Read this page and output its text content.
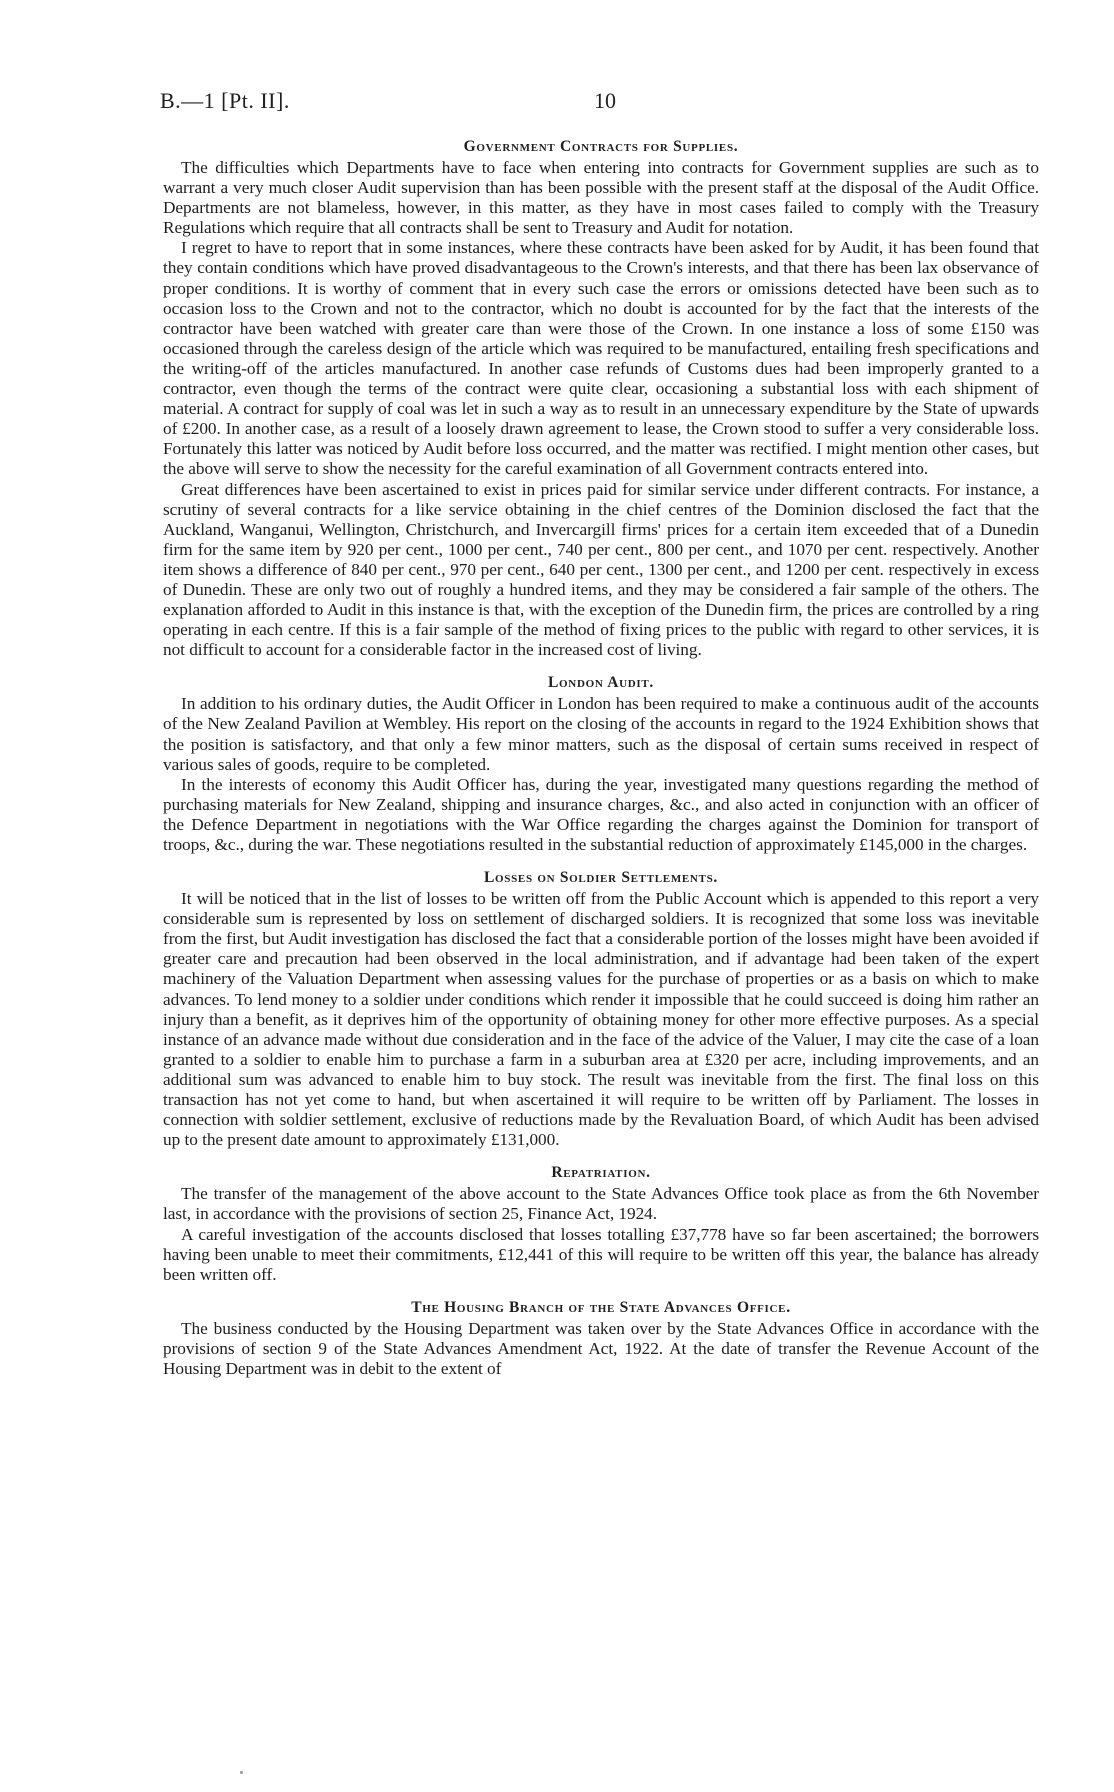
B.—1 [Pt. II].	10
Government Contracts for Supplies.

The difficulties which Departments have to face when entering into contracts for Government supplies are such as to warrant a very much closer Audit supervision than has been possible with the present staff at the disposal of the Audit Office. Departments are not blameless, however, in this matter, as they have in most cases failed to comply with the Treasury Regulations which require that all contracts shall be sent to Treasury and Audit for notation.

I regret to have to report that in some instances, where these contracts have been asked for by Audit, it has been found that they contain conditions which have proved disadvantageous to the Crown's interests, and that there has been lax observance of proper conditions. It is worthy of comment that in every such case the errors or omissions detected have been such as to occasion loss to the Crown and not to the contractor, which no doubt is accounted for by the fact that the interests of the contractor have been watched with greater care than were those of the Crown. In one instance a loss of some £150 was occasioned through the careless design of the article which was required to be manufactured, entailing fresh specifications and the writing-off of the articles manufactured. In another case refunds of Customs dues had been improperly granted to a contractor, even though the terms of the contract were quite clear, occasioning a substantial loss with each shipment of material. A contract for supply of coal was let in such a way as to result in an unnecessary expenditure by the State of upwards of £200. In another case, as a result of a loosely drawn agreement to lease, the Crown stood to suffer a very considerable loss. Fortunately this latter was noticed by Audit before loss occurred, and the matter was rectified. I might mention other cases, but the above will serve to show the necessity for the careful examination of all Government contracts entered into.

Great differences have been ascertained to exist in prices paid for similar service under different contracts. For instance, a scrutiny of several contracts for a like service obtaining in the chief centres of the Dominion disclosed the fact that the Auckland, Wanganui, Wellington, Christchurch, and Invercargill firms' prices for a certain item exceeded that of a Dunedin firm for the same item by 920 per cent., 1000 per cent., 740 per cent., 800 per cent., and 1070 per cent. respectively. Another item shows a difference of 840 per cent., 970 per cent., 640 per cent., 1300 per cent., and 1200 per cent. respectively in excess of Dunedin. These are only two out of roughly a hundred items, and they may be considered a fair sample of the others. The explanation afforded to Audit in this instance is that, with the exception of the Dunedin firm, the prices are controlled by a ring operating in each centre. If this is a fair sample of the method of fixing prices to the public with regard to other services, it is not difficult to account for a considerable factor in the increased cost of living.

London Audit.

In addition to his ordinary duties, the Audit Officer in London has been required to make a continuous audit of the accounts of the New Zealand Pavilion at Wembley. His report on the closing of the accounts in regard to the 1924 Exhibition shows that the position is satisfactory, and that only a few minor matters, such as the disposal of certain sums received in respect of various sales of goods, require to be completed.

In the interests of economy this Audit Officer has, during the year, investigated many questions regarding the method of purchasing materials for New Zealand, shipping and insurance charges, &c., and also acted in conjunction with an officer of the Defence Department in negotiations with the War Office regarding the charges against the Dominion for transport of troops, &c., during the war. These negotiations resulted in the substantial reduction of approximately £145,000 in the charges.

Losses on Soldier Settlements.

It will be noticed that in the list of losses to be written off from the Public Account which is appended to this report a very considerable sum is represented by loss on settlement of discharged soldiers. It is recognized that some loss was inevitable from the first, but Audit investigation has disclosed the fact that a considerable portion of the losses might have been avoided if greater care and precaution had been observed in the local administration, and if advantage had been taken of the expert machinery of the Valuation Department when assessing values for the purchase of properties or as a basis on which to make advances. To lend money to a soldier under conditions which render it impossible that he could succeed is doing him rather an injury than a benefit, as it deprives him of the opportunity of obtaining money for other more effective purposes. As a special instance of an advance made without due consideration and in the face of the advice of the Valuer, I may cite the case of a loan granted to a soldier to enable him to purchase a farm in a suburban area at £320 per acre, including improvements, and an additional sum was advanced to enable him to buy stock. The result was inevitable from the first. The final loss on this transaction has not yet come to hand, but when ascertained it will require to be written off by Parliament. The losses in connection with soldier settlement, exclusive of reductions made by the Revaluation Board, of which Audit has been advised up to the present date amount to approximately £131,000.

Repatriation.

The transfer of the management of the above account to the State Advances Office took place as from the 6th November last, in accordance with the provisions of section 25, Finance Act, 1924.

A careful investigation of the accounts disclosed that losses totalling £37,778 have so far been ascertained; the borrowers having been unable to meet their commitments, £12,441 of this will require to be written off this year, the balance has already been written off.

The Housing Branch of the State Advances Office.

The business conducted by the Housing Department was taken over by the State Advances Office in accordance with the provisions of section 9 of the State Advances Amendment Act, 1922. At the date of transfer the Revenue Account of the Housing Department was in debit to the extent of
